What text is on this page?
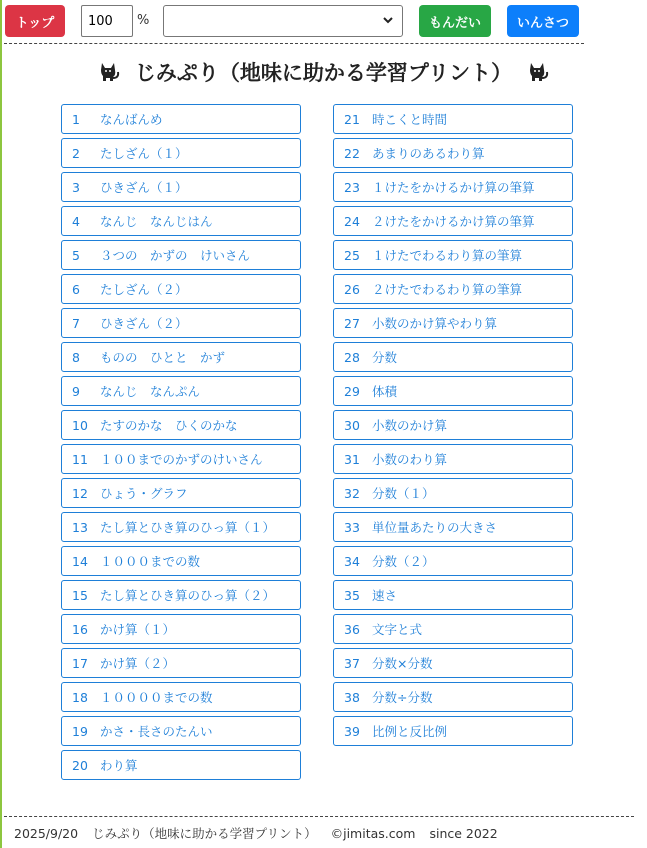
トップ
100	%	もんだい	いんさつ
じみぷり（地味に助かる学習プリント）
1	なんばんめ
2	たしざん（１）
3	ひきざん（１）
4	なんじ　なんじはん
5	３つの　かずの　けいさん
6	たしざん（２）
7	ひきざん（２）
8	ものの　ひとと　かず
9	なんじ　なんぷん
10 たすのかな　ひくのかな
11 １００までのかずのけいさん
12 ひょう・グラフ
13 たし算とひき算のひっ算（１）
14 １０００までの数
15 たし算とひき算のひっ算（２）
16 かけ算（１）
17 かけ算（２）
18 １００００までの数
19 かさ・長さのたんい
20 わり算
21 時こくと時間
22 あまりのあるわり算
23 １けたをかけるかけ算の筆算
24 ２けたをかけるかけ算の筆算
25 １けたでわるわり算の筆算
26 ２けたでわるわり算の筆算
27 小数のかけ算やわり算
28 分数
29 体積
30 小数のかけ算
31 小数のわり算
32 分数（１）
33 単位量あたりの大きさ
34 分数（２）
35 速さ
36 文字と式
37 分数×分数
38 分数÷分数
39 比例と反比例
2025/9/20 じみぷり（地味に助かる学習プリント） ©jimitas.com since 2022
